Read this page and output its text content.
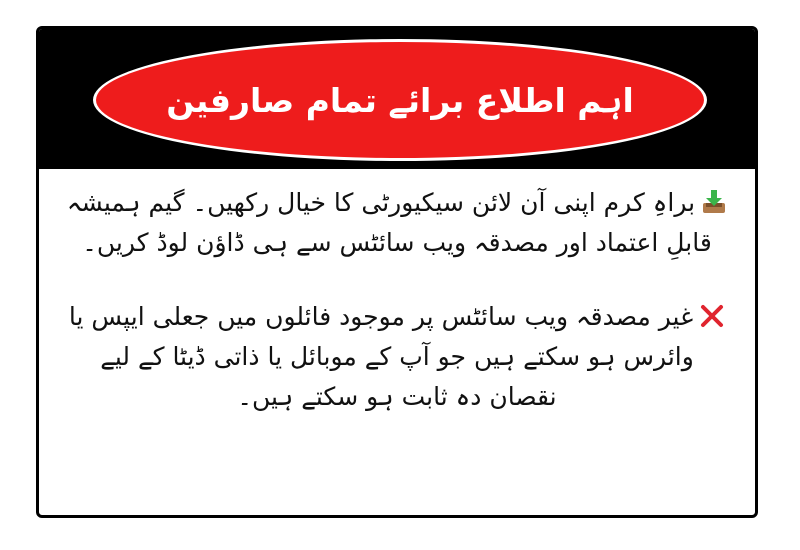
اہم اطلاع برائے تمام صارفین

براہِ کرم اپنی آن لائن سیکیورٹی کا خیال رکھیں۔ گیم ہمیشہ قابلِ اعتماد اور مصدقہ ویب سائٹس سے ہی ڈاؤن لوڈ کریں۔

غیر مصدقہ ویب سائٹس پر موجود فائلوں میں جعلی ایپس یا وائرس ہو سکتے ہیں جو آپ کے موبائل یا ذاتی ڈیٹا کے لیے نقصان دہ ثابت ہو سکتے ہیں۔
